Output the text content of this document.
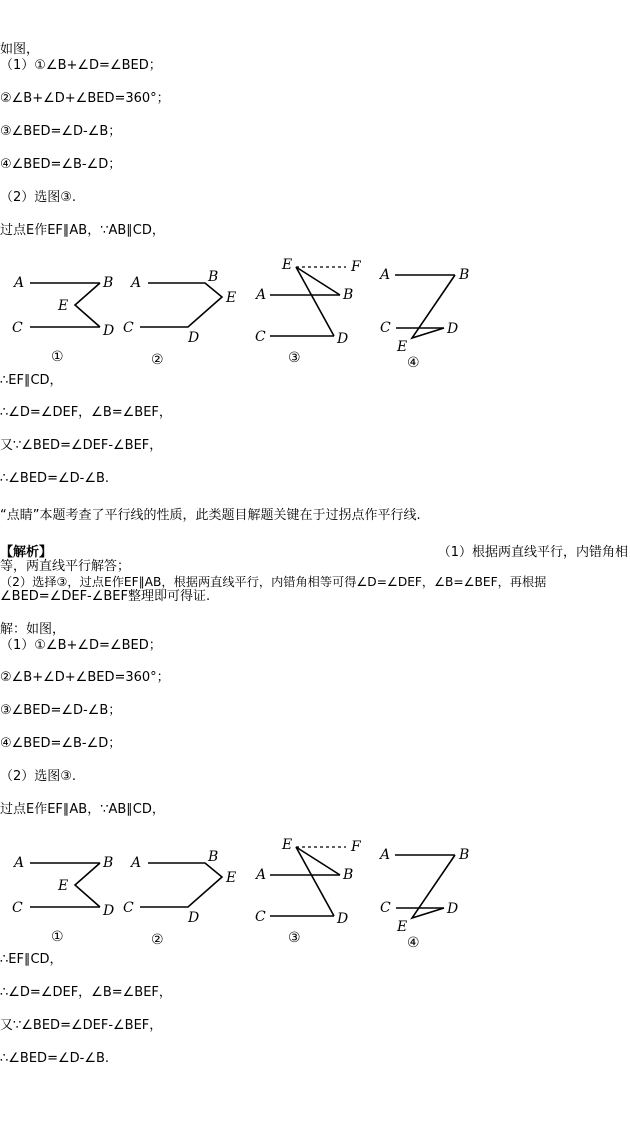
如图，
（1）①∠B+∠D=∠BED；
②∠B+∠D+∠BED=360°；
③∠BED=∠D-∠B；
④∠BED=∠B-∠D；
（2）选图③.
过点E作EF∥AB，∵AB∥CD，
A	B
E
C	D
①
A	B
E
C
D
②
E	F
A	B
C	D
③
A	B
C	D
E
④
∴EF∥CD，
∴∠D=∠DEF，∠B=∠BEF，
又∵∠BED=∠DEF-∠BEF，
∴∠BED=∠D-∠B.
“点睛”本题考查了平行线的性质，此类题目解题关键在于过拐点作平行线.
【解析】	（1）根据两直线平行，内错角相
等，两直线平行解答；
（2）选择③，过点E作EF∥AB，根据两直线平行，内错角相等可得∠D=∠DEF，∠B=∠BEF，再根据
∠BED=∠DEF-∠BEF整理即可得证.
解：如图，
（1）①∠B+∠D=∠BED；
②∠B+∠D+∠BED=360°；
③∠BED=∠D-∠B；
④∠BED=∠B-∠D；
（2）选图③.
过点E作EF∥AB，∵AB∥CD，
A	B
E
C	D
①
A	B
E
C
D
②
E	F
A	B
C	D
③
A	B
C	D
E
④
∴EF∥CD，
∴∠D=∠DEF，∠B=∠BEF，
又∵∠BED=∠DEF-∠BEF，
∴∠BED=∠D-∠B.
